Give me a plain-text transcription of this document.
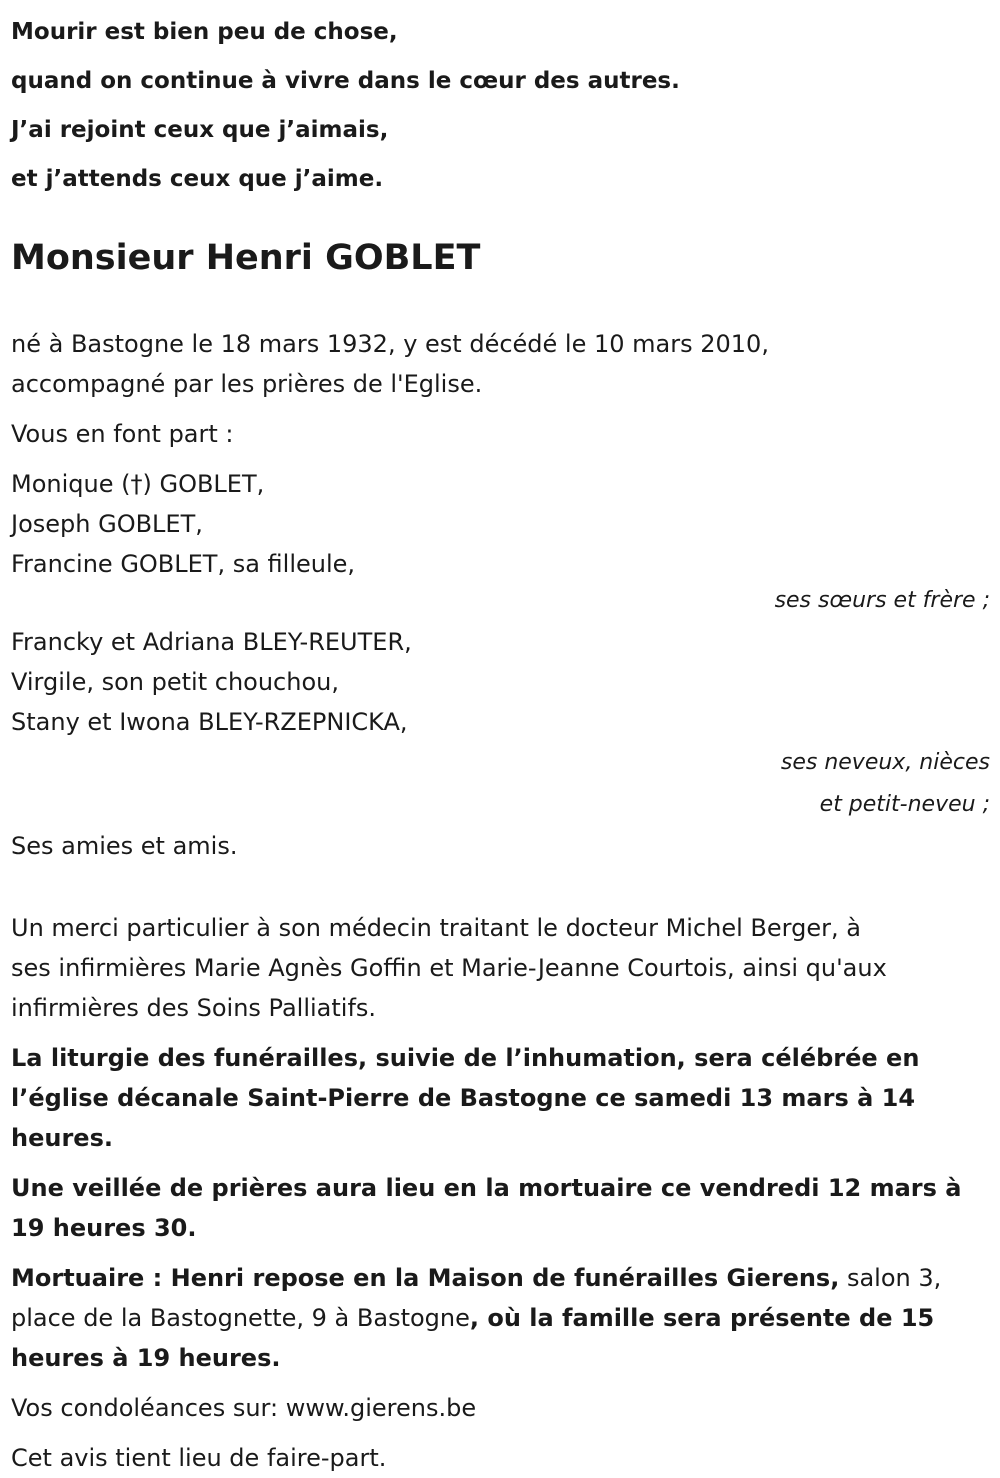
Mourir est bien peu de chose,

quand on continue à vivre dans le cœur des autres.

J’ai rejoint ceux que j’aimais,

et j’attends ceux que j’aime.

Monsieur Henri GOBLET

né à Bastogne le 18 mars 1932, y est décédé le 10 mars 2010,

accompagné par les prières de l'Eglise.

Vous en font part :

Monique (†) GOBLET,

Joseph GOBLET,

Francine GOBLET, sa filleule,

ses sœurs et frère ;

Francky et Adriana BLEY-REUTER,

Virgile, son petit chouchou,

Stany et Iwona BLEY-RZEPNICKA,

ses neveux, nièces

et petit-neveu ;

Ses amies et amis.

Un merci particulier à son médecin traitant le docteur Michel Berger, à

ses infirmières Marie Agnès Goffin et Marie-Jeanne Courtois, ainsi qu'aux

infirmières des Soins Palliatifs.

La liturgie des funérailles, suivie de l’inhumation, sera célébrée en

l’église décanale Saint-Pierre de Bastogne ce samedi 13 mars à 14

heures.

Une veillée de prières aura lieu en la mortuaire ce vendredi 12 mars à

19 heures 30.

Mortuaire : Henri repose en la Maison de funérailles Gierens, salon 3,

place de la Bastognette, 9 à Bastogne, où la famille sera présente de 15

heures à 19 heures.

Vos condoléances sur: www.gierens.be

Cet avis tient lieu de faire-part.
